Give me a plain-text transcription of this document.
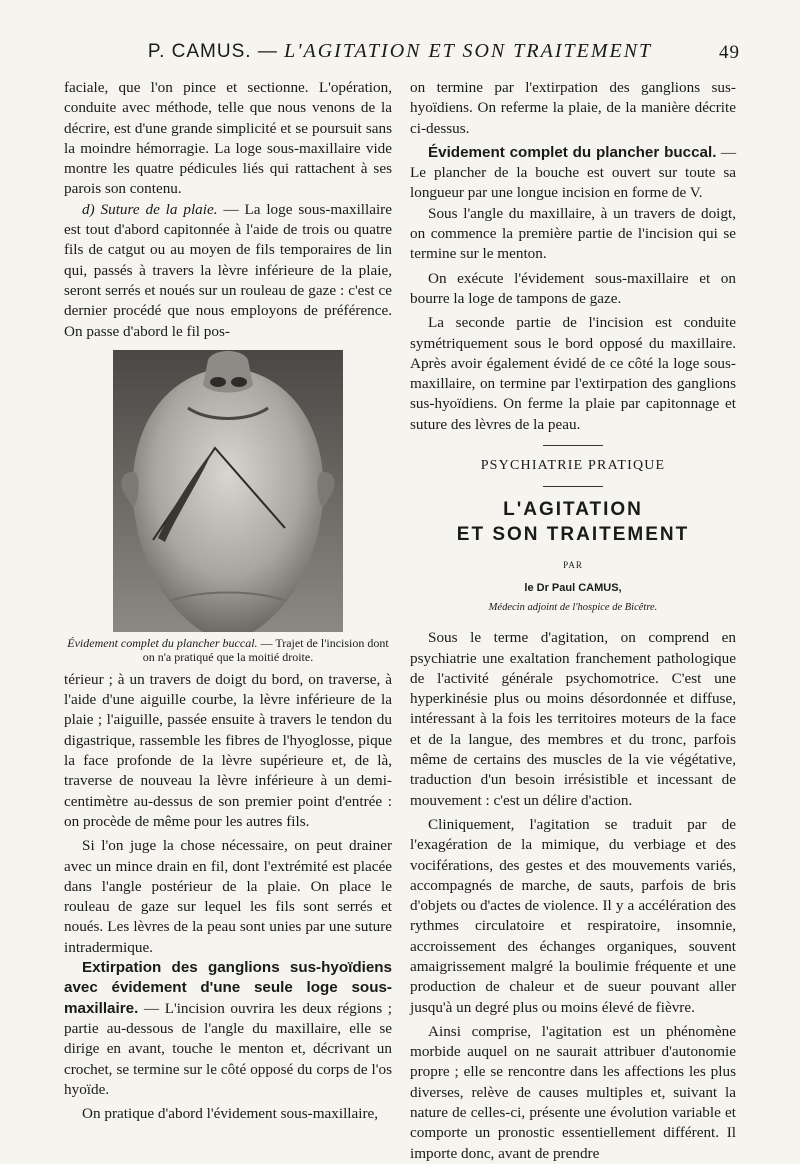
P. CAMUS. — L'AGITATION ET SON TRAITEMENT	49

faciale, que l'on pince et sectionne. L'opération, conduite avec méthode, telle que nous venons de la décrire, est d'une grande simplicité et se poursuit sans la moindre hémorragie. La loge sous-maxillaire vide montre les quatre pédicules liés qui rattachent à ses parois son contenu.

d) Suture de la plaie. — La loge sous-maxillaire est tout d'abord capitonnée à l'aide de trois ou quatre fils de catgut ou au moyen de fils temporaires de lin qui, passés à travers la lèvre inférieure de la plaie, seront serrés et noués sur un rouleau de gaze : c'est ce dernier procédé que nous employons de préférence. On passe d'abord le fil pos-

Évidement complet du plancher buccal. — Trajet de l'incision dont on n'a pratiqué que la moitié droite.

térieur ; à un travers de doigt du bord, on traverse, à l'aide d'une aiguille courbe, la lèvre inférieure de la plaie ; l'aiguille, passée ensuite à travers le tendon du digastrique, rassemble les fibres de l'hyoglosse, pique la face profonde de la lèvre supérieure et, de là, traverse de nouveau la lèvre inférieure à un demi-centimètre au-dessus de son premier point d'entrée : on procède de même pour les autres fils.

Si l'on juge la chose nécessaire, on peut drainer avec un mince drain en fil, dont l'extrémité est placée dans l'angle postérieur de la plaie. On place le rouleau de gaze sur lequel les fils sont serrés et noués. Les lèvres de la peau sont unies par une suture intradermique.

Extirpation des ganglions sus-hyoïdiens avec évidement d'une seule loge sous-maxillaire. — L'incision ouvrira les deux régions ; partie au-dessous de l'angle du maxillaire, elle se dirige en avant, touche le menton et, décrivant un crochet, se termine sur le côté opposé du corps de l'os hyoïde.

On pratique d'abord l'évidement sous-maxillaire,

on termine par l'extirpation des ganglions sus-hyoïdiens. On referme la plaie, de la manière décrite ci-dessus.

Évidement complet du plancher buccal. — Le plancher de la bouche est ouvert sur toute sa longueur par une longue incision en forme de V.

Sous l'angle du maxillaire, à un travers de doigt, on commence la première partie de l'incision qui se termine sur le menton.

On exécute l'évidement sous-maxillaire et on bourre la loge de tampons de gaze.

La seconde partie de l'incision est conduite symétriquement sous le bord opposé du maxillaire. Après avoir également évidé de ce côté la loge sous-maxillaire, on termine par l'extirpation des ganglions sus-hyoïdiens. On ferme la plaie par capitonnage et suture des lèvres de la peau.

PSYCHIATRIE PRATIQUE
L'AGITATION
ET SON TRAITEMENT
PAR
le Dr Paul CAMUS,
Médecin adjoint de l'hospice de Bicêtre.

Sous le terme d'agitation, on comprend en psychiatrie une exaltation franchement pathologique de l'activité générale psychomotrice. C'est une hyperkinésie plus ou moins désordonnée et diffuse, intéressant à la fois les territoires moteurs de la face et de la langue, des membres et du tronc, parfois même de certains des muscles de la vie végétative, traduction d'un besoin irrésistible et incessant de mouvement : c'est un délire d'action.

Cliniquement, l'agitation se traduit par de l'exagération de la mimique, du verbiage et des vociférations, des gestes et des mouvements variés, accompagnés de marche, de sauts, parfois de bris d'objets ou d'actes de violence. Il y a accélération des rythmes circulatoire et respiratoire, insomnie, accroissement des échanges organiques, souvent amaigrissement malgré la boulimie fréquente et une production de chaleur et de sueur pouvant aller jusqu'à un degré plus ou moins élevé de fièvre.

Ainsi comprise, l'agitation est un phénomène morbide auquel on ne saurait attribuer d'autonomie propre ; elle se rencontre dans les affections les plus diverses, relève de causes multiples et, suivant la nature de celles-ci, présente une évolution variable et comporte un pronostic essentiellement différent. Il importe donc, avant de prendre
